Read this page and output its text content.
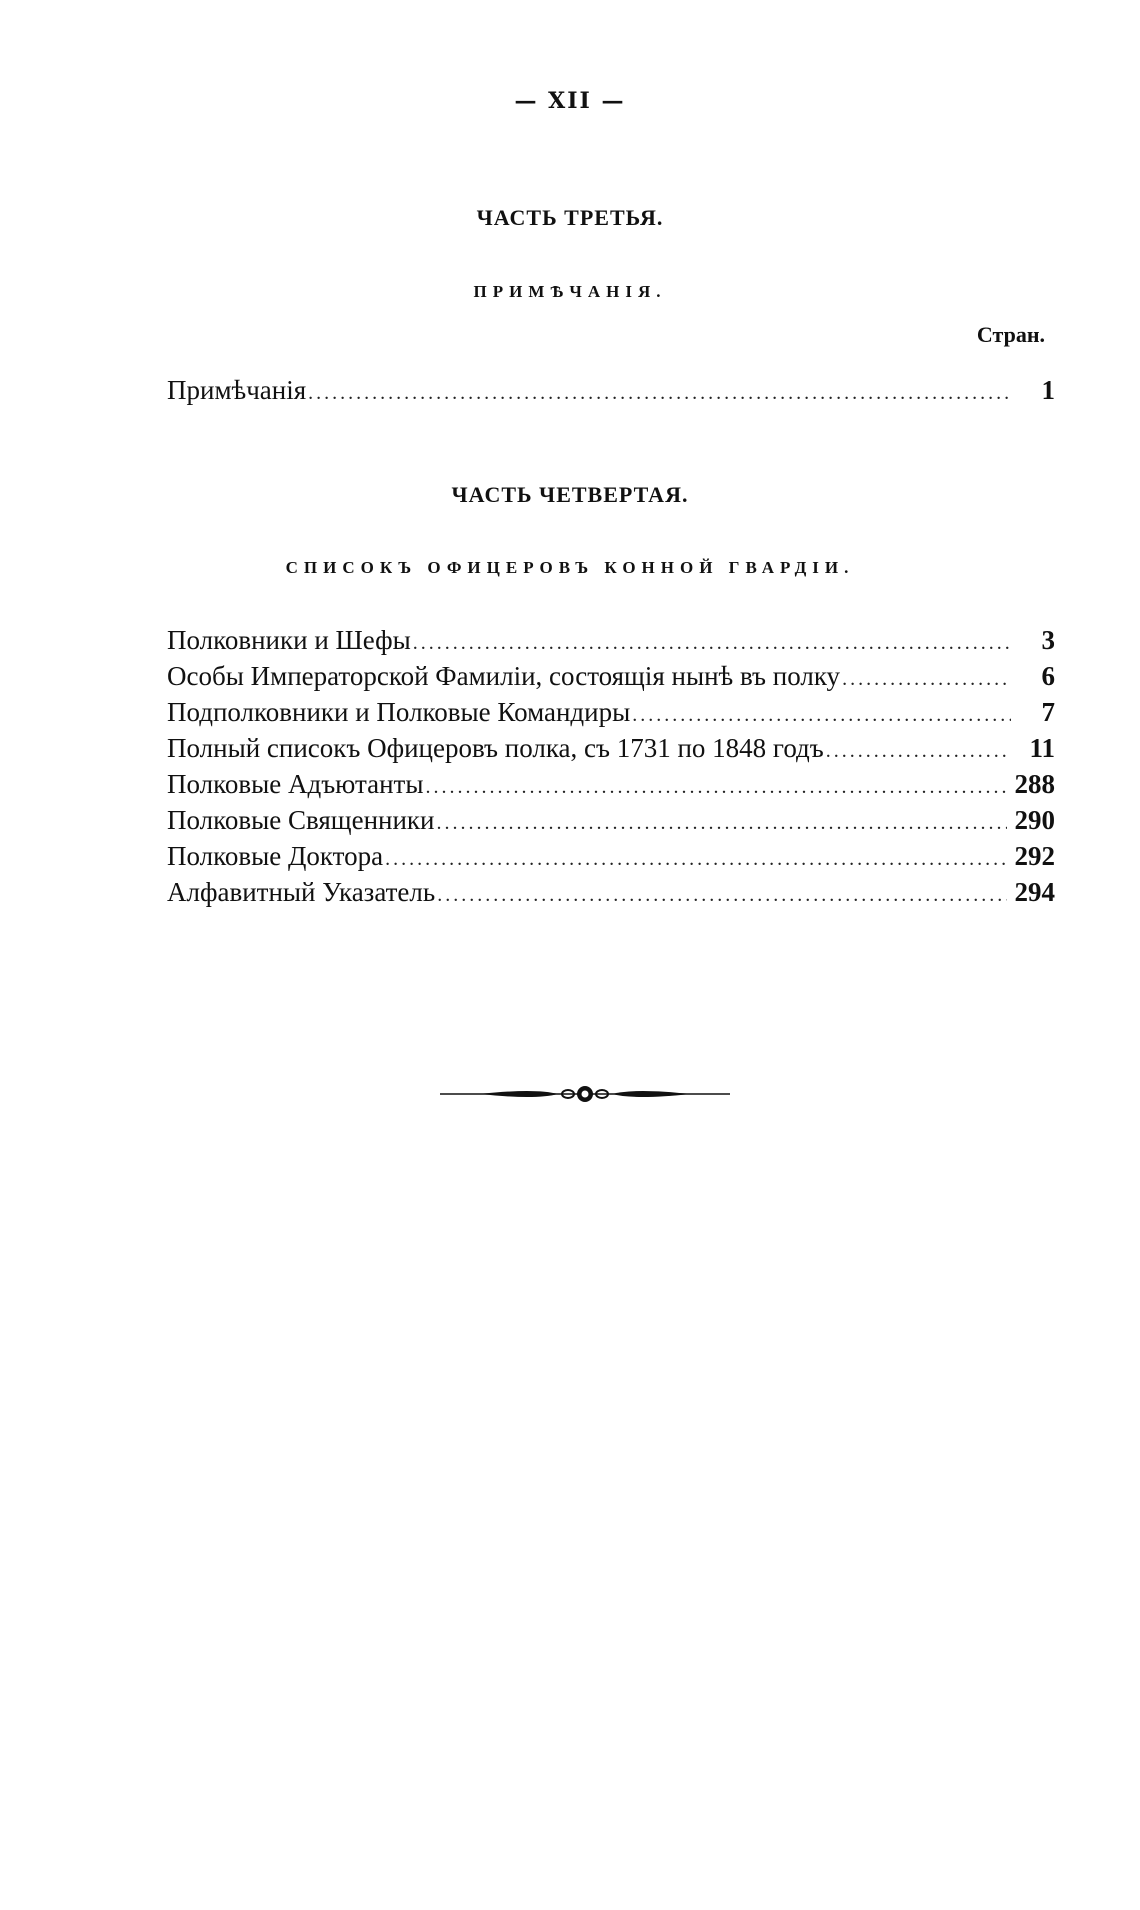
— XII —
ЧАСТЬ ТРЕТЬЯ.
ПРИМѢЧАНІЯ.
Стран.
Примѣчанія .....	1
ЧАСТЬ ЧЕТВЕРТАЯ.
СПИСОКЪ ОФИЦЕРОВЪ КОННОЙ ГВАРДІИ.
Полковники и Шефы .....	3
Особы Императорской Фамиліи, состоящія нынѣ въ полку .....	6
Подполковники и Полковые Командиры .....	7
Полный списокъ Офицеровъ полка, съ 1731 по 1848 годъ .....	11
Полковые Адъютанты .....	288
Полковые Священники .....	290
Полковые Доктора .....	292
Алфавитный Указатель .....	294
